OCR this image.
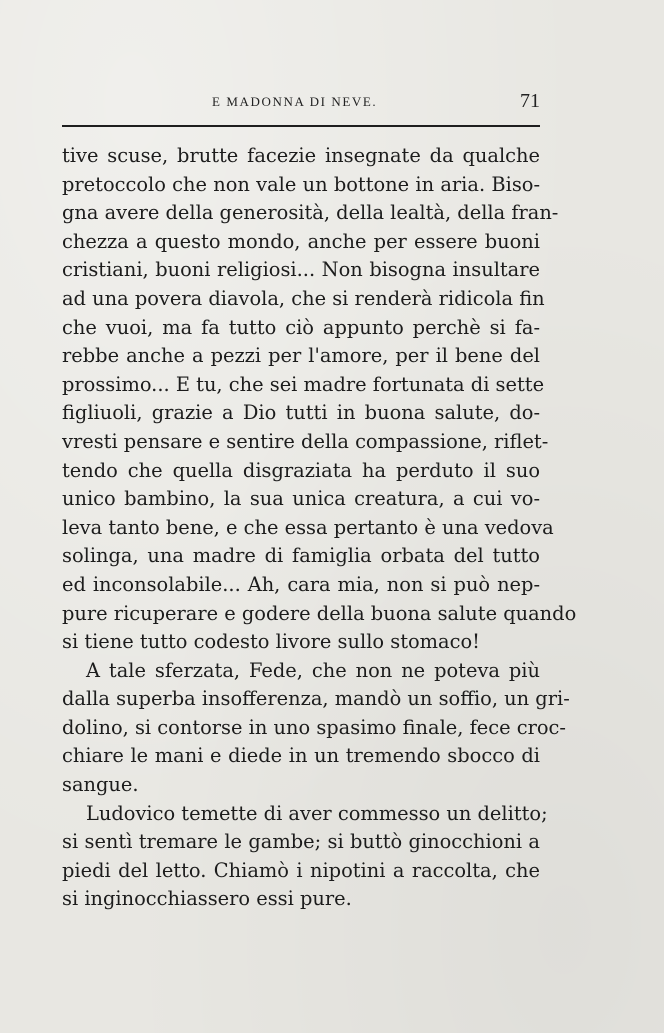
E MADONNA DI NEVE.	71
tive scuse, brutte facezie insegnate da qualche
pretoccolo che non vale un bottone in aria. Biso-
gna avere della generosità, della lealtà, della fran-
chezza a questo mondo, anche per essere buoni
cristiani, buoni religiosi... Non bisogna insultare
ad una povera diavola, che si renderà ridicola fin
che vuoi, ma fa tutto ciò appunto perchè si fa-
rebbe anche a pezzi per l'amore, per il bene del
prossimo... E tu, che sei madre fortunata di sette
figliuoli, grazie a Dio tutti in buona salute, do-
vresti pensare e sentire della compassione, riflet-
tendo che quella disgraziata ha perduto il suo
unico bambino, la sua unica creatura, a cui vo-
leva tanto bene, e che essa pertanto è una vedova
solinga, una madre di famiglia orbata del tutto
ed inconsolabile... Ah, cara mia, non si può nep-
pure ricuperare e godere della buona salute quando
si tiene tutto codesto livore sullo stomaco!
A tale sferzata, Fede, che non ne poteva più
dalla superba insofferenza, mandò un soffio, un gri-
dolino, si contorse in uno spasimo finale, fece croc-
chiare le mani e diede in un tremendo sbocco di
sangue.
Ludovico temette di aver commesso un delitto;
si sentì tremare le gambe; si buttò ginocchioni a
piedi del letto. Chiamò i nipotini a raccolta, che
si inginocchiassero essi pure.
